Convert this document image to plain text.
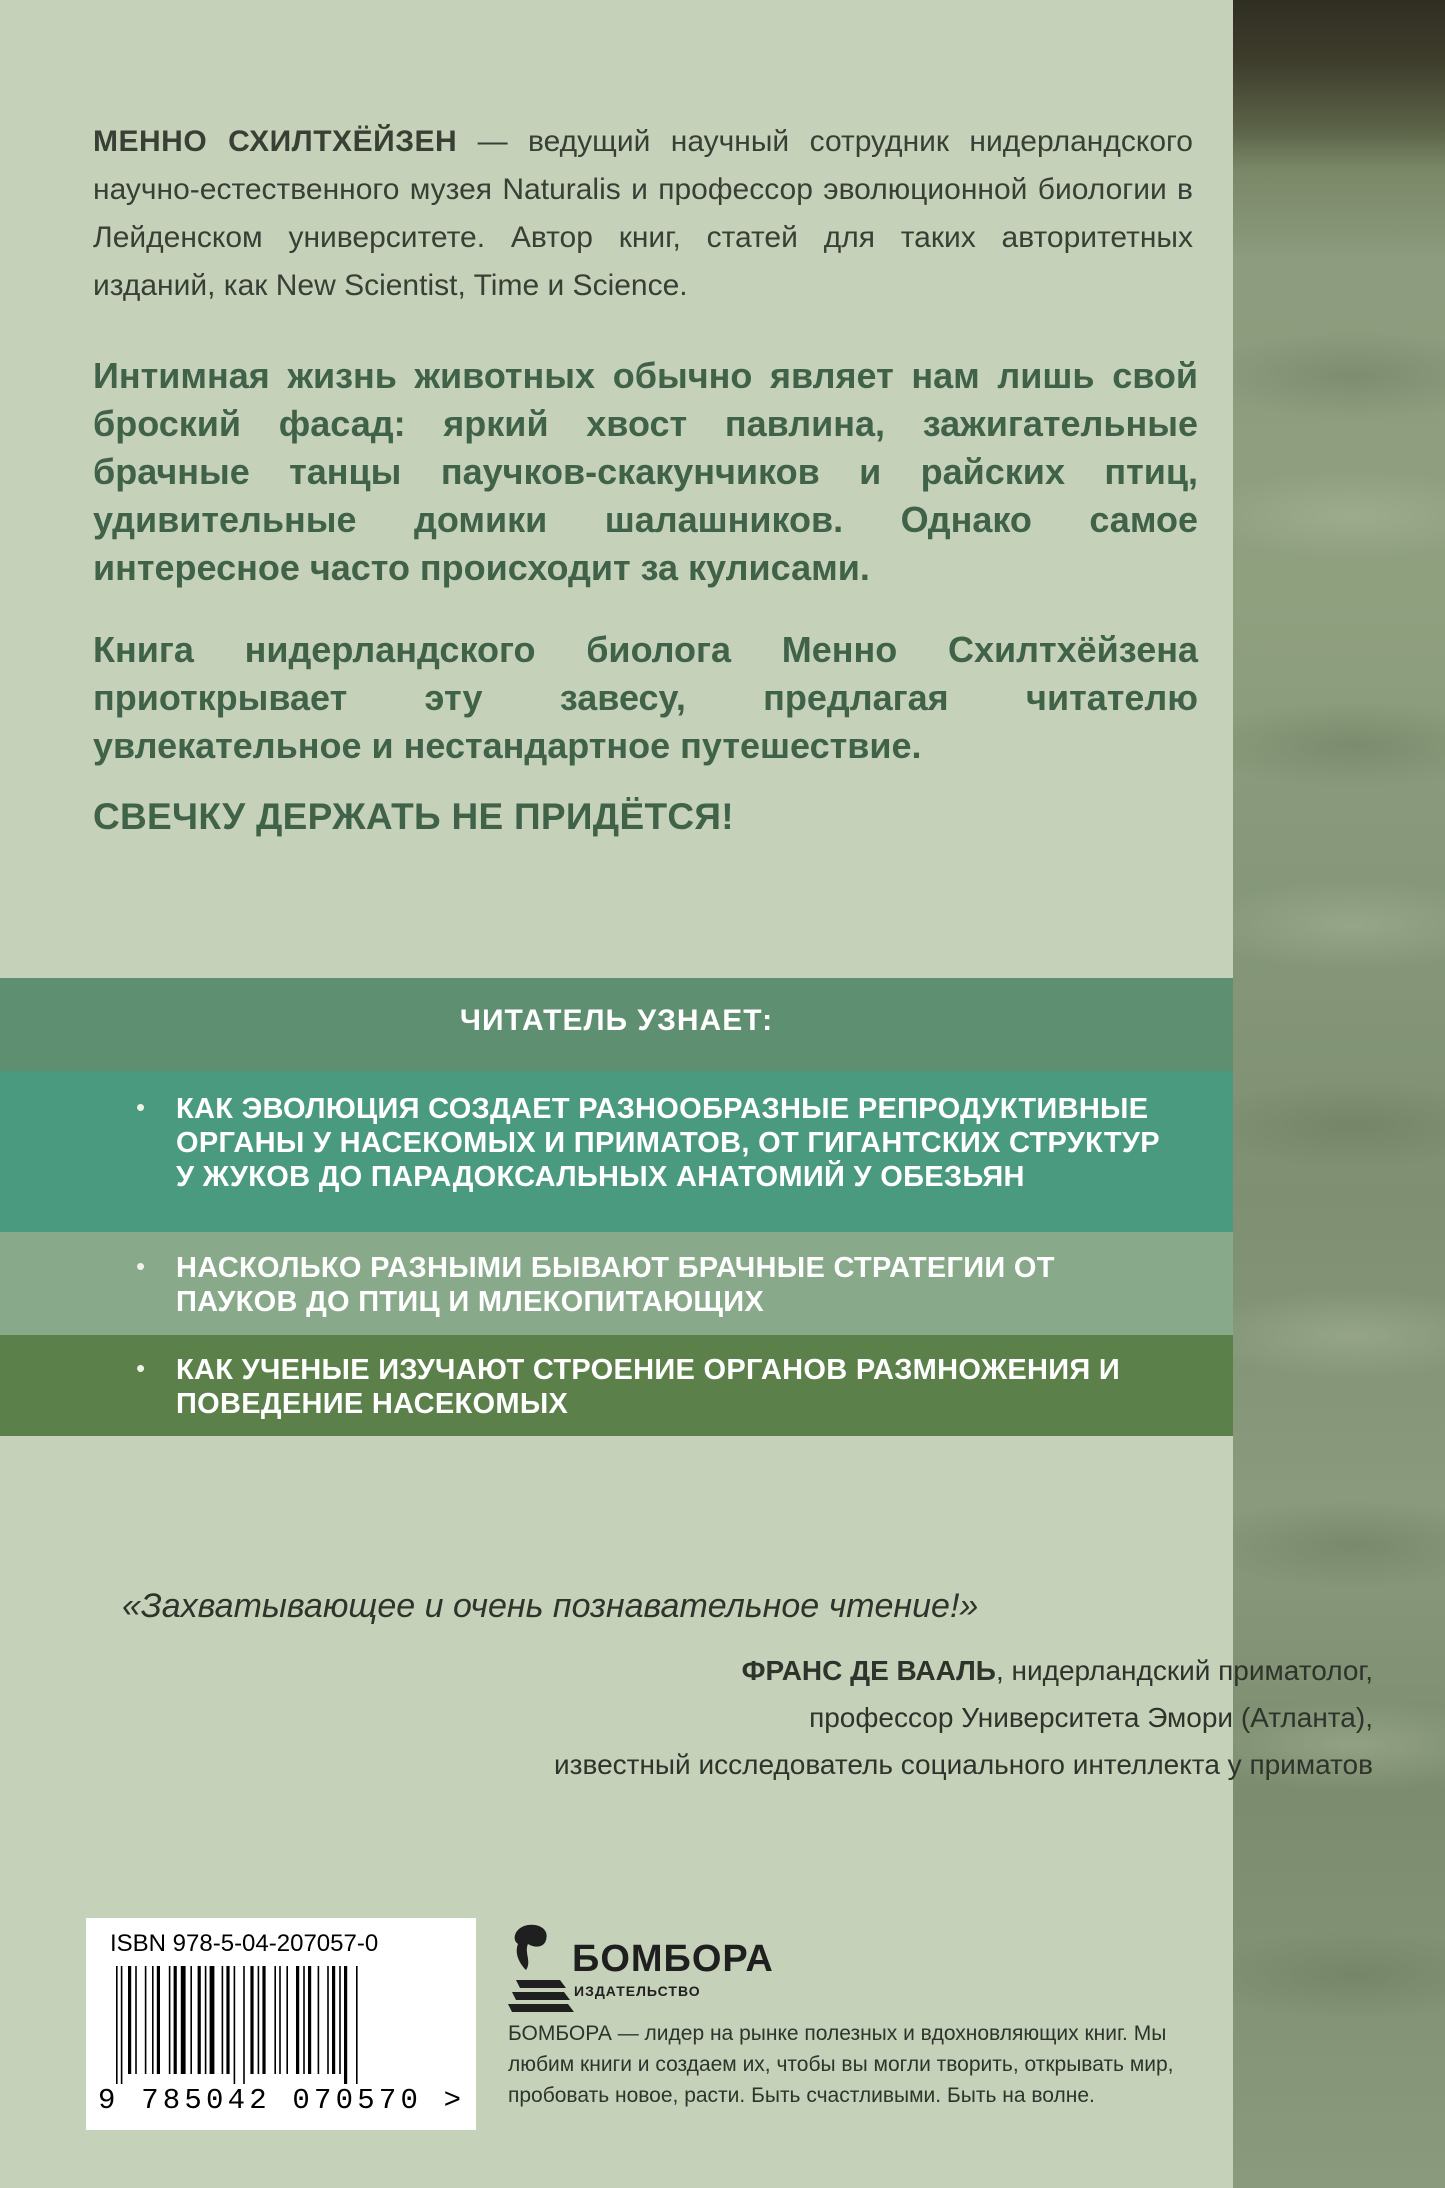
МЕННО СХИЛТХЁЙЗЕН — ведущий научный сотрудник нидерландского научно-естественного музея Naturalis и профессор эволюционной биологии в Лейденском университете. Автор книг, статей для таких авторитетных изданий, как New Scientist, Time и Science.
Интимная жизнь животных обычно являет нам лишь свой броский фасад: яркий хвост павлина, зажигательные брачные танцы паучков-скакунчиков и райских птиц, удивительные домики шалашников. Однако самое интересное часто происходит за кулисами.
Книга нидерландского биолога Менно Схилтхёйзена приоткрывает эту завесу, предлагая читателю увлекательное и нестандартное путешествие.
СВЕЧКУ ДЕРЖАТЬ НЕ ПРИДЁТСЯ!
ЧИТАТЕЛЬ УЗНАЕТ:
• КАК ЭВОЛЮЦИЯ СОЗДАЕТ РАЗНООБРАЗНЫЕ РЕПРОДУКТИВНЫЕ ОРГАНЫ У НАСЕКОМЫХ И ПРИМАТОВ, ОТ ГИГАНТСКИХ СТРУКТУР У ЖУКОВ ДО ПАРАДОКСАЛЬНЫХ АНАТОМИЙ У ОБЕЗЬЯН
• НАСКОЛЬКО РАЗНЫМИ БЫВАЮТ БРАЧНЫЕ СТРАТЕГИИ ОТ ПАУКОВ ДО ПТИЦ И МЛЕКОПИТАЮЩИХ
• КАК УЧЕНЫЕ ИЗУЧАЮТ СТРОЕНИЕ ОРГАНОВ РАЗМНОЖЕНИЯ И ПОВЕДЕНИЕ НАСЕКОМЫХ
«Захватывающее и очень познавательное чтение!»
ФРАНС ДЕ ВААЛЬ, нидерландский приматолог,
профессор Университета Эмори (Атланта),
известный исследователь социального интеллекта у приматов
ISBN 978-5-04-207057-0
9 785042 070570 >
БОМБОРА
ИЗДАТЕЛЬСТВО
БОМБОРА — лидер на рынке полезных и вдохновляющих книг. Мы любим книги и создаем их, чтобы вы могли творить, открывать мир, пробовать новое, расти. Быть счастливыми. Быть на волне.
